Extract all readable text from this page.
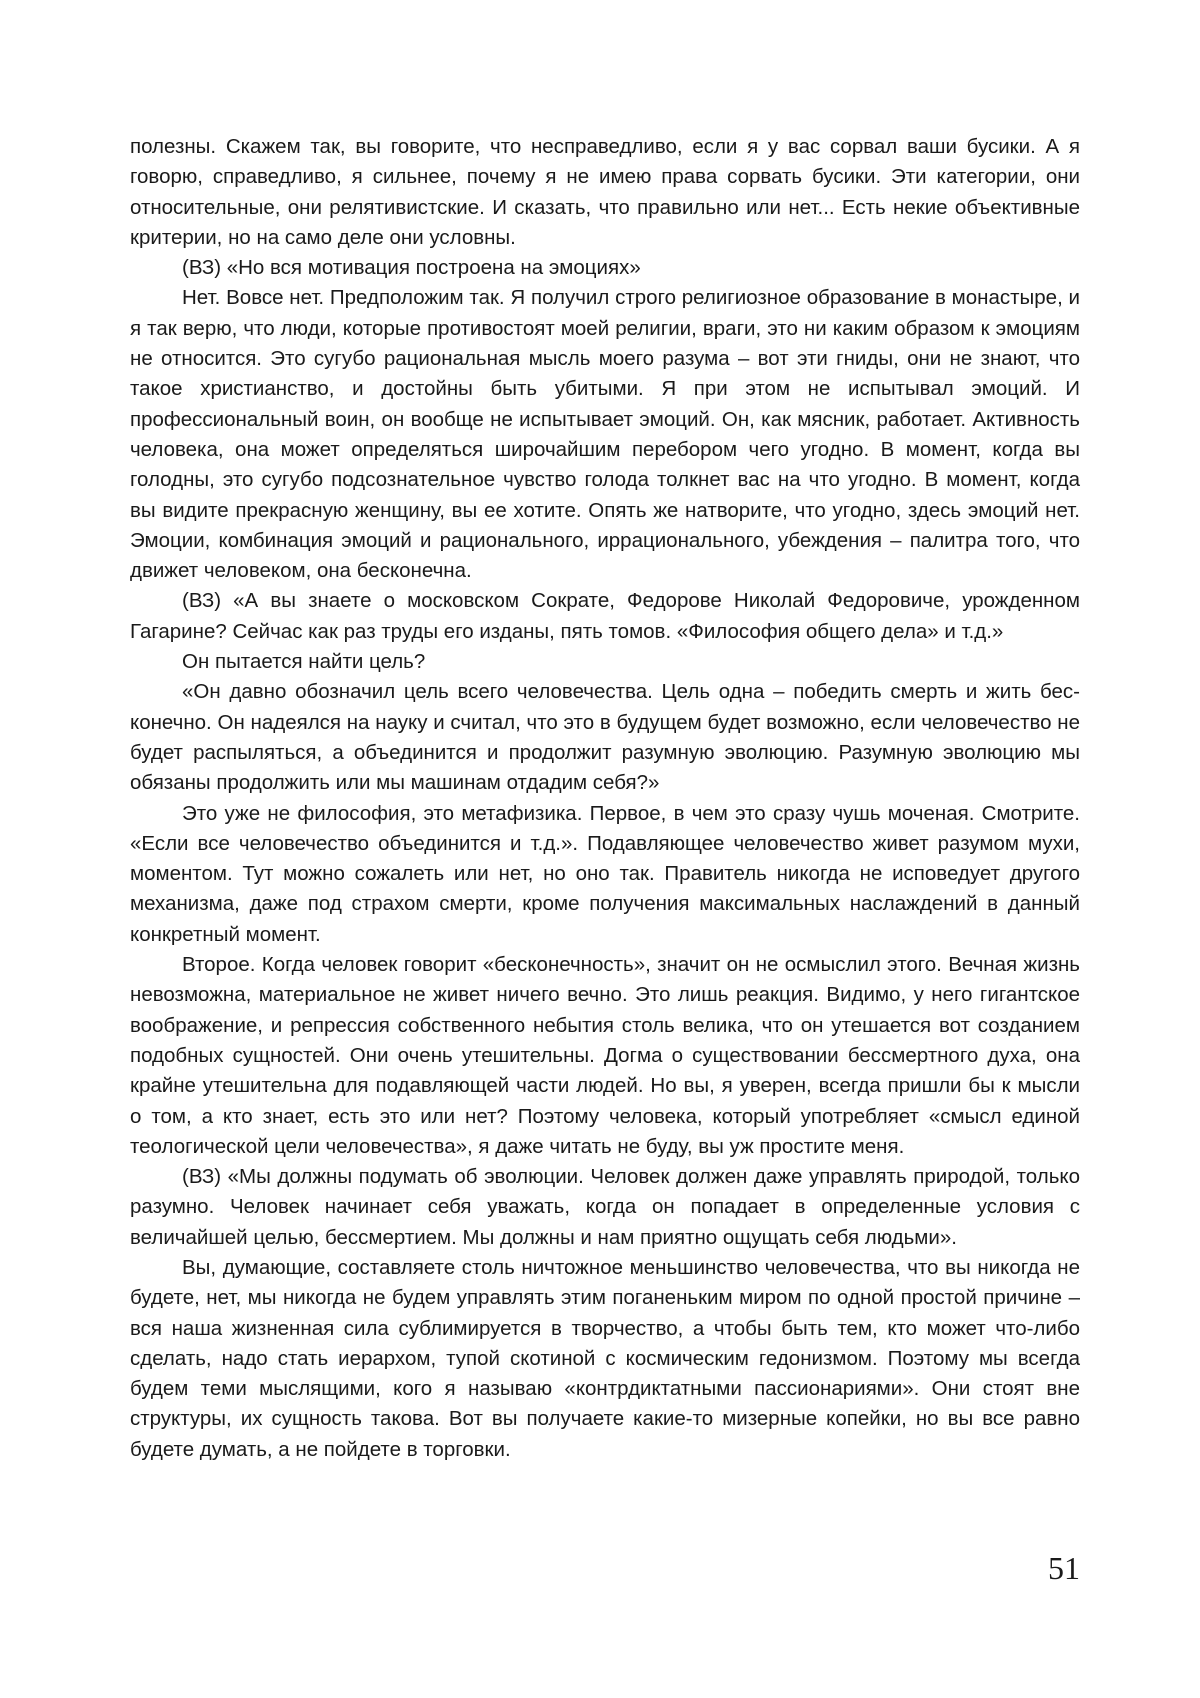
полезны. Скажем так, вы говорите, что несправедливо, если я у вас сорвал ваши бусики. А я говорю, справедливо, я сильнее, почему я не имею права сорвать бусики. Эти категории, они относительные, они релятивистские. И сказать, что правильно или нет... Есть некие объективные критерии, но на само деле они условны.

(ВЗ) «Но вся мотивация построена на эмоциях»

Нет. Вовсе нет. Предположим так. Я получил строго религиозное образование в монастыре, и я так верю, что люди, которые противостоят моей религии, враги, это ни каким образом к эмоциям не относится. Это сугубо рациональная мысль моего разума – вот эти гниды, они не знают, что такое христианство, и достойны быть убитыми. Я при этом не испытывал эмоций. И профессиональный воин, он вообще не испытывает эмоций. Он, как мясник, работает. Активность человека, она может определяться широчайшим перебором чего угодно. В момент, когда вы голодны, это сугубо подсознательное чувство голода толкнет вас на что угодно. В момент, когда вы видите прекрасную женщину, вы ее хотите. Опять же натворите, что угодно, здесь эмоций нет. Эмоции, комбинация эмоций и рационального, иррационального, убеждения – палитра того, что движет человеком, она бесконечна.

(ВЗ) «А вы знаете о московском Сократе, Федорове Николай Федоровиче, урожденном Гагарине? Сейчас как раз труды его изданы, пять томов. «Философия общего дела» и т.д.»

Он пытается найти цель?

«Он давно обозначил цель всего человечества. Цель одна – победить смерть и жить бесконечно. Он надеялся на науку и считал, что это в будущем будет возможно, если человечество не будет распыляться, а объединится и продолжит разумную эволюцию. Разумную эволюцию мы обязаны продолжить или мы машинам отдадим себя?»

Это уже не философия, это метафизика. Первое, в чем это сразу чушь моченая. Смотрите. «Если все человечество объединится и т.д.». Подавляющее человечество живет разумом мухи, моментом. Тут можно сожалеть или нет, но оно так. Правитель никогда не исповедует другого механизма, даже под страхом смерти, кроме получения максимальных наслаждений в данный конкретный момент.

Второе. Когда человек говорит «бесконечность», значит он не осмыслил этого. Вечная жизнь невозможна, материальное не живет ничего вечно. Это лишь реакция. Видимо, у него гигантское воображение, и репрессия собственного небытия столь велика, что он утешается вот созданием подобных сущностей. Они очень утешительны. Догма о существовании бессмертного духа, она крайне утешительна для подавляющей части людей. Но вы, я уверен, всегда пришли бы к мысли о том, а кто знает, есть это или нет? Поэтому человека, который употребляет «смысл единой теологической цели человечества», я даже читать не буду, вы уж простите меня.

(ВЗ) «Мы должны подумать об эволюции. Человек должен даже управлять природой, только разумно. Человек начинает себя уважать, когда он попадает в определенные условия с величайшей целью, бессмертием. Мы должны и нам приятно ощущать себя людьми».

Вы, думающие, составляете столь ничтожное меньшинство человечества, что вы никогда не будете, нет, мы никогда не будем управлять этим поганеньким миром по одной простой причине – вся наша жизненная сила сублимируется в творчество, а чтобы быть тем, кто может что-либо сделать, надо стать иерархом, тупой скотиной с космическим гедонизмом. Поэтому мы всегда будем теми мыслящими, кого я называю «контрдиктатными пассионариями». Они стоят вне структуры, их сущность такова. Вот вы получаете какие-то мизерные копейки, но вы все равно будете думать, а не пойдете в торговки.

51
